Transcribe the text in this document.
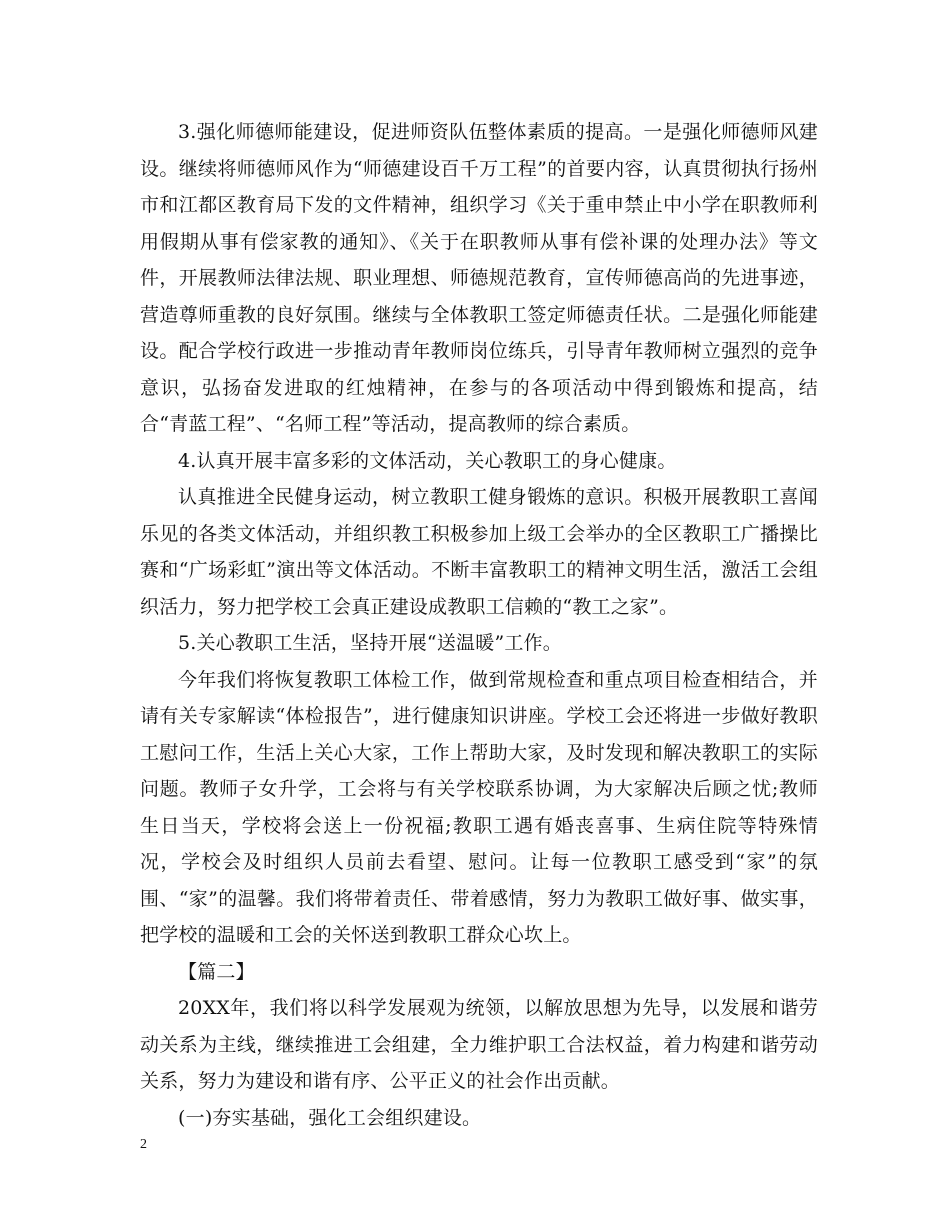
3.强化师德师能建设，促进师资队伍整体素质的提高。一是强化师德师风建设。继续将师德师风作为“师德建设百千万工程”的首要内容，认真贯彻执行扬州市和江都区教育局下发的文件精神，组织学习《关于重申禁止中小学在职教师利用假期从事有偿家教的通知》、《关于在职教师从事有偿补课的处理办法》等文件，开展教师法律法规、职业理想、师德规范教育，宣传师德高尚的先进事迹，营造尊师重教的良好氛围。继续与全体教职工签定师德责任状。二是强化师能建设。配合学校行政进一步推动青年教师岗位练兵，引导青年教师树立强烈的竞争意识，弘扬奋发进取的红烛精神，在参与的各项活动中得到锻炼和提高，结合“青蓝工程”、“名师工程”等活动，提高教师的综合素质。

4.认真开展丰富多彩的文体活动，关心教职工的身心健康。

认真推进全民健身运动，树立教职工健身锻炼的意识。积极开展教职工喜闻乐见的各类文体活动，并组织教工积极参加上级工会举办的全区教职工广播操比赛和“广场彩虹”演出等文体活动。不断丰富教职工的精神文明生活，激活工会组织活力，努力把学校工会真正建设成教职工信赖的“教工之家”。

5.关心教职工生活，坚持开展“送温暖”工作。

今年我们将恢复教职工体检工作，做到常规检查和重点项目检查相结合，并请有关专家解读“体检报告”，进行健康知识讲座。学校工会还将进一步做好教职工慰问工作，生活上关心大家，工作上帮助大家，及时发现和解决教职工的实际问题。教师子女升学，工会将与有关学校联系协调，为大家解决后顾之忧;教师生日当天，学校将会送上一份祝福;教职工遇有婚丧喜事、生病住院等特殊情况，学校会及时组织人员前去看望、慰问。让每一位教职工感受到“家”的氛围、“家”的温馨。我们将带着责任、带着感情，努力为教职工做好事、做实事，把学校的温暖和工会的关怀送到教职工群众心坎上。

【篇二】

20XX年，我们将以科学发展观为统领，以解放思想为先导，以发展和谐劳动关系为主线，继续推进工会组建，全力维护职工合法权益，着力构建和谐劳动关系，努力为建设和谐有序、公平正义的社会作出贡献。

(一)夯实基础，强化工会组织建设。

2
